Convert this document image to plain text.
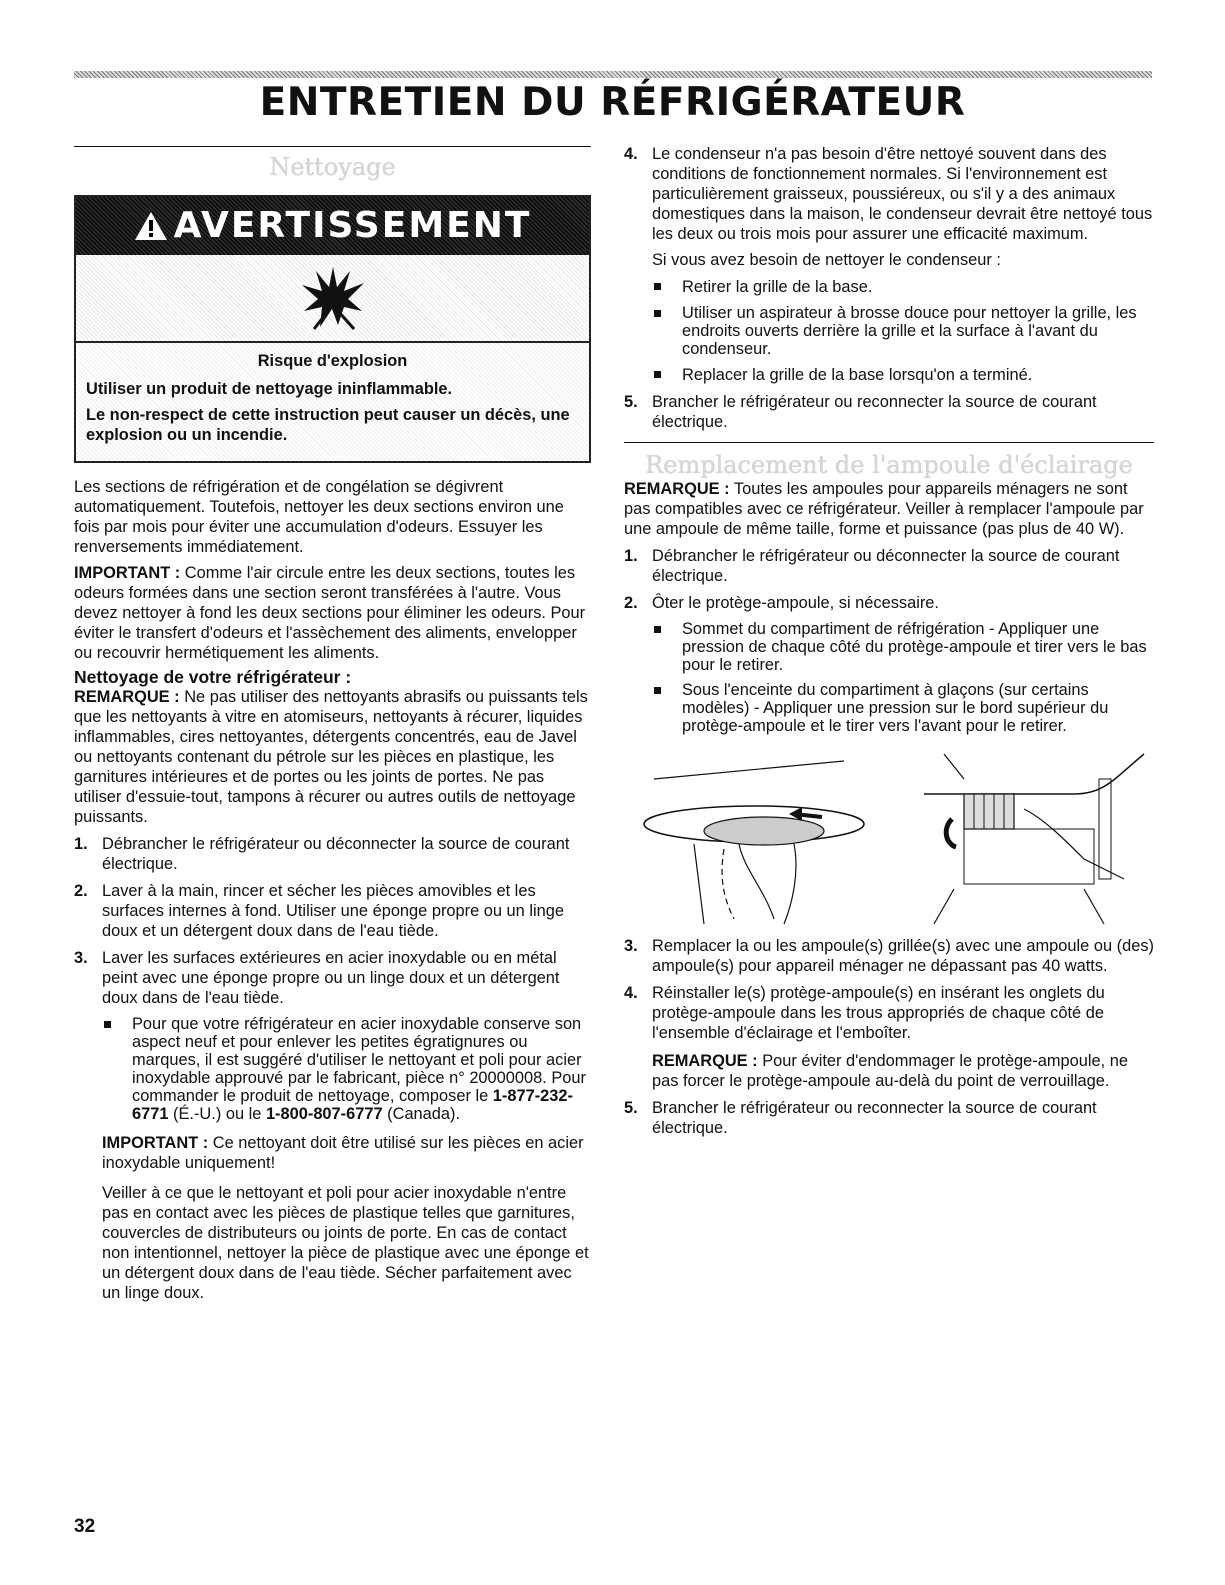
ENTRETIEN DU RÉFRIGÉRATEUR
Nettoyage
AVERTISSEMENT

Risque d'explosion

Utiliser un produit de nettoyage ininflammable.

Le non-respect de cette instruction peut causer un décès, une explosion ou un incendie.

Les sections de réfrigération et de congélation se dégivrent automatiquement. Toutefois, nettoyer les deux sections environ une fois par mois pour éviter une accumulation d'odeurs. Essuyer les renversements immédiatement.

IMPORTANT : Comme l'air circule entre les deux sections, toutes les odeurs formées dans une section seront transférées à l'autre. Vous devez nettoyer à fond les deux sections pour éliminer les odeurs. Pour éviter le transfert d'odeurs et l'assèchement des aliments, envelopper ou recouvrir hermétiquement les aliments.

Nettoyage de votre réfrigérateur :

REMARQUE : Ne pas utiliser des nettoyants abrasifs ou puissants tels que les nettoyants à vitre en atomiseurs, nettoyants à récurer, liquides inflammables, cires nettoyantes, détergents concentrés, eau de Javel ou nettoyants contenant du pétrole sur les pièces en plastique, les garnitures intérieures et de portes ou les joints de portes. Ne pas utiliser d'essuie-tout, tampons à récurer ou autres outils de nettoyage puissants.

1. Débrancher le réfrigérateur ou déconnecter la source de courant électrique.
2. Laver à la main, rincer et sécher les pièces amovibles et les surfaces internes à fond. Utiliser une éponge propre ou un linge doux et un détergent doux dans de l'eau tiède.
3. Laver les surfaces extérieures en acier inoxydable ou en métal peint avec une éponge propre ou un linge doux et un détergent doux dans de l'eau tiède.
Pour que votre réfrigérateur en acier inoxydable conserve son aspect neuf et pour enlever les petites égratignures ou marques, il est suggéré d'utiliser le nettoyant et poli pour acier inoxydable approuvé par le fabricant, pièce n° 20000008. Pour commander le produit de nettoyage, composer le 1-877-232-6771 (É.-U.) ou le 1-800-807-6777 (Canada).

IMPORTANT : Ce nettoyant doit être utilisé sur les pièces en acier inoxydable uniquement!

Veiller à ce que le nettoyant et poli pour acier inoxydable n'entre pas en contact avec les pièces de plastique telles que garnitures, couvercles de distributeurs ou joints de porte. En cas de contact non intentionnel, nettoyer la pièce de plastique avec une éponge et un détergent doux dans de l'eau tiède. Sécher parfaitement avec un linge doux.

4. Le condenseur n'a pas besoin d'être nettoyé souvent dans des conditions de fonctionnement normales. Si l'environnement est particulièrement graisseux, poussiéreux, ou s'il y a des animaux domestiques dans la maison, le condenseur devrait être nettoyé tous les deux ou trois mois pour assurer une efficacité maximum.

Si vous avez besoin de nettoyer le condenseur :

Retirer la grille de la base.
Utiliser un aspirateur à brosse douce pour nettoyer la grille, les endroits ouverts derrière la grille et la surface à l'avant du condenseur.
Replacer la grille de la base lorsqu'on a terminé.
5. Brancher le réfrigérateur ou reconnecter la source de courant électrique.
Remplacement de l'ampoule d'éclairage

REMARQUE : Toutes les ampoules pour appareils ménagers ne sont pas compatibles avec ce réfrigérateur. Veiller à remplacer l'ampoule par une ampoule de même taille, forme et puissance (pas plus de 40 W).

1. Débrancher le réfrigérateur ou déconnecter la source de courant électrique.
2. Ôter le protège-ampoule, si nécessaire.
Sommet du compartiment de réfrigération - Appliquer une pression de chaque côté du protège-ampoule et tirer vers le bas pour le retirer.
Sous l'enceinte du compartiment à glaçons (sur certains modèles) - Appliquer une pression sur le bord supérieur du protège-ampoule et le tirer vers l'avant pour le retirer.
3. Remplacer la ou les ampoule(s) grillée(s) avec une ampoule ou (des) ampoule(s) pour appareil ménager ne dépassant pas 40 watts.
4. Réinstaller le(s) protège-ampoule(s) en insérant les onglets du protège-ampoule dans les trous appropriés de chaque côté de l'ensemble d'éclairage et l'emboîter.

REMARQUE : Pour éviter d'endommager le protège-ampoule, ne pas forcer le protège-ampoule au-delà du point de verrouillage.

5. Brancher le réfrigérateur ou reconnecter la source de courant électrique.
32
